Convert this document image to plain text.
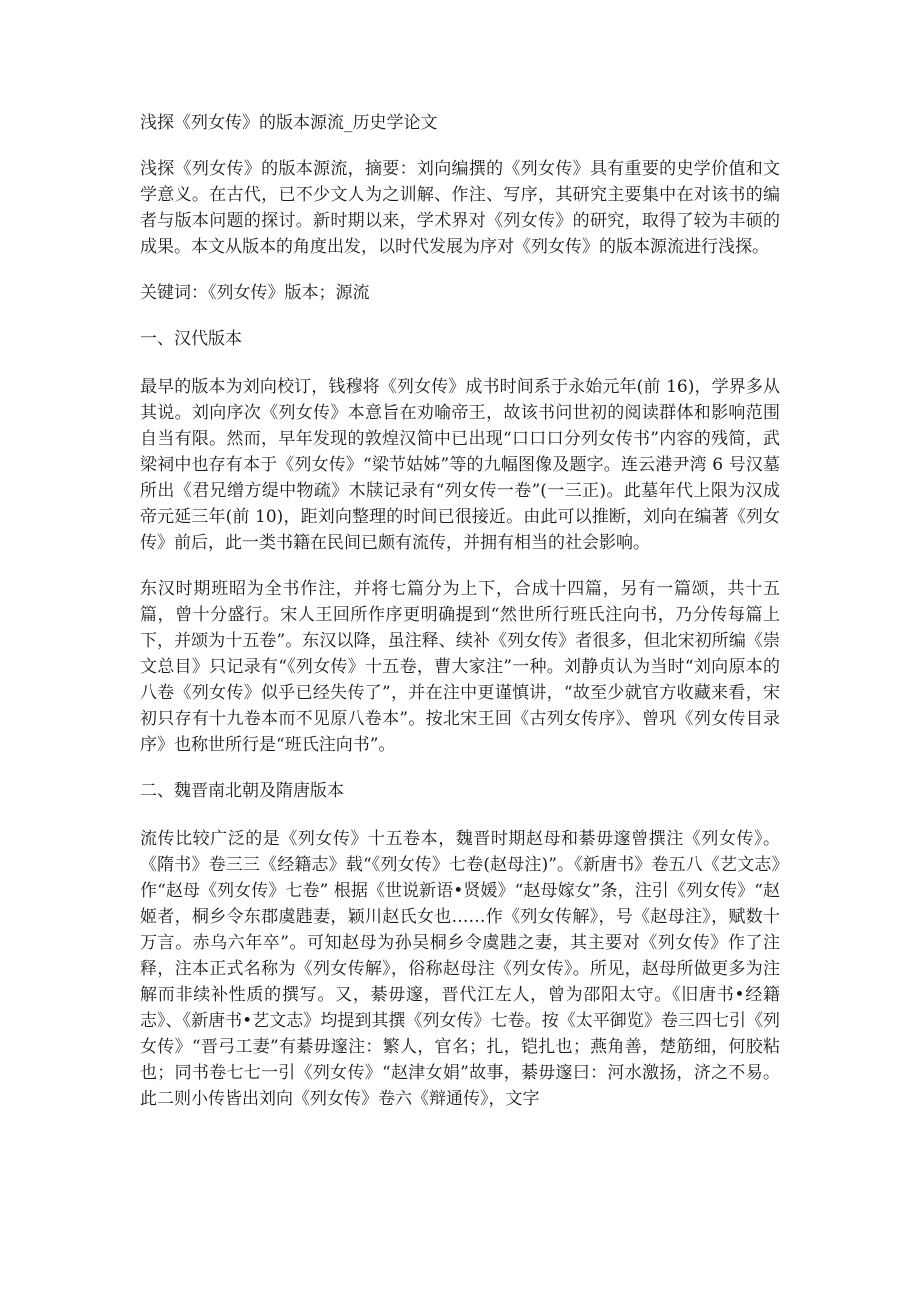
浅探《列女传》的版本源流_历史学论文

浅探《列女传》的版本源流，摘要：刘向编撰的《列女传》具有重要的史学价值和文学意义。在古代，已不少文人为之训解、作注、写序，其研究主要集中在对该书的编者与版本问题的探讨。新时期以来，学术界对《列女传》的研究，取得了较为丰硕的成果。本文从版本的角度出发，以时代发展为序对《列女传》的版本源流进行浅探。

关键词：《列女传》版本；源流

一、汉代版本

最早的版本为刘向校订，钱穆将《列女传》成书时间系于永始元年(前 16)，学界多从其说。刘向序次《列女传》本意旨在劝喻帝王，故该书问世初的阅读群体和影响范围自当有限。然而，早年发现的敦煌汉简中已出现“口口口分列女传书”内容的残简，武梁祠中也存有本于《列女传》“梁节姑姊”等的九幅图像及题字。连云港尹湾 6 号汉墓所出《君兄缯方缇中物疏》木牍记录有“列女传一卷”(一三正)。此墓年代上限为汉成帝元延三年(前 10)，距刘向整理的时间已很接近。由此可以推断，刘向在编著《列女传》前后，此一类书籍在民间已颇有流传，并拥有相当的社会影响。

东汉时期班昭为全书作注，并将七篇分为上下，合成十四篇，另有一篇颂，共十五篇，曾十分盛行。宋人王回所作序更明确提到“然世所行班氏注向书，乃分传每篇上下，并颂为十五卷”。东汉以降，虽注释、续补《列女传》者很多，但北宋初所编《崇文总目》只记录有“《列女传》十五卷，曹大家注”一种。刘静贞认为当时“刘向原本的八卷《列女传》似乎已经失传了”，并在注中更谨慎讲，“故至少就官方收藏来看，宋初只存有十九卷本而不见原八卷本”。按北宋王回《古列女传序》、曾巩《列女传目录序》也称世所行是“班氏注向书”。

二、魏晋南北朝及隋唐版本

流传比较广泛的是《列女传》十五卷本，魏晋时期赵母和綦毋邃曾撰注《列女传》。《隋书》卷三三《经籍志》载“《列女传》七卷(赵母注)”。《新唐书》卷五八《艺文志》作“赵母《列女传》七卷” 根据《世说新语•贤媛》“赵母嫁女”条，注引《列女传》“赵姬者，桐乡令东郡虞韪妻，颖川赵氏女也……作《列女传解》，号《赵母注》，赋数十万言。赤乌六年卒”。可知赵母为孙吴桐乡令虞韪之妻，其主要对《列女传》作了注释，注本正式名称为《列女传解》，俗称赵母注《列女传》。所见，赵母所做更多为注解而非续补性质的撰写。又，綦毋邃，晋代江左人，曾为邵阳太守。《旧唐书•经籍志》、《新唐书•艺文志》均提到其撰《列女传》七卷。按《太平御览》卷三四七引《列女传》“晋弓工妻”有綦毋邃注：繁人，官名；扎，铠扎也；燕角善，楚筋细，何胶粘也；同书卷七七一引《列女传》“赵津女娟”故事，綦毋邃曰：河水激扬，济之不易。此二则小传皆出刘向《列女传》卷六《辩通传》，文字
